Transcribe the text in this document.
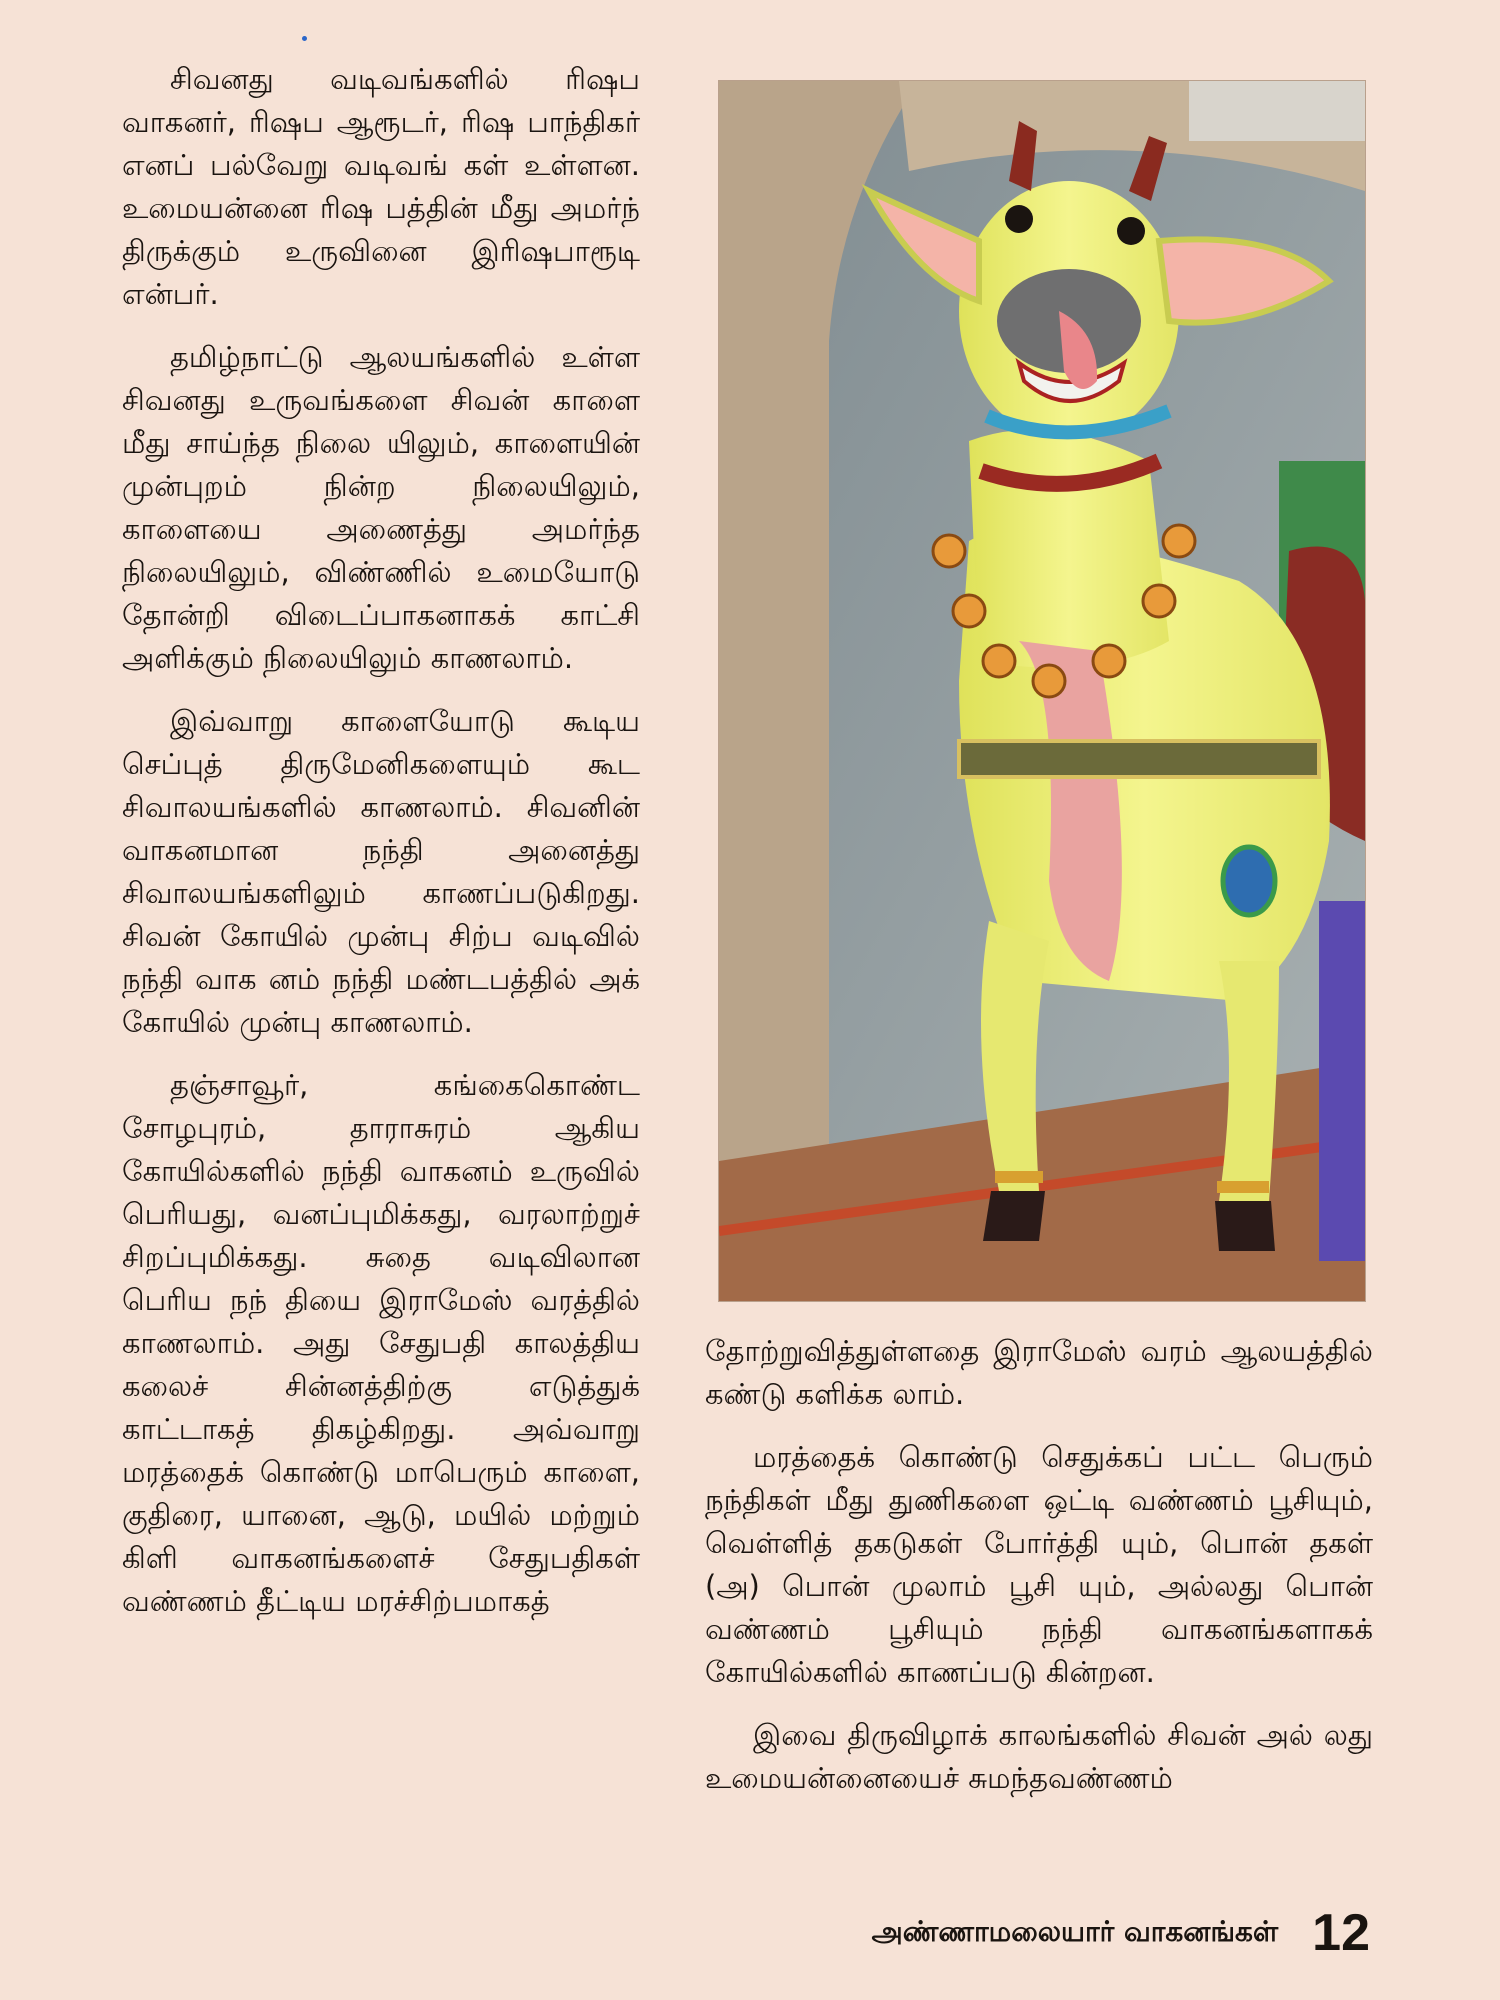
சிவனது வடிவங்களில் ரிஷப வாகனர், ரிஷப ஆரூடர், ரிஷ பாந்திகர் எனப் பல்வேறு வடிவங் கள் உள்ளன. உமையன்னை ரிஷ பத்தின் மீது அமர்ந் திருக்கும் உருவினை இரிஷபாரூடி என்பர்.

தமிழ்நாட்டு ஆலயங்களில் உள்ள சிவனது உருவங்களை சிவன் காளை மீது சாய்ந்த நிலை யிலும், காளையின் முன்புறம் நின்ற நிலையிலும், காளையை அணைத்து அமர்ந்த நிலையிலும், விண்ணில் உமையோடு தோன்றி விடைப்பாகனாகக் காட்சி அளிக்கும் நிலையிலும் காணலாம்.

இவ்வாறு காளையோடு கூடிய செப்புத் திருமேனிகளையும் கூட சிவாலயங்களில் காணலாம். சிவனின் வாகனமான நந்தி அனைத்து சிவாலயங்களிலும் காணப்படுகிறது. சிவன் கோயில் முன்பு சிற்ப வடிவில் நந்தி வாக னம் நந்தி மண்டபத்தில் அக் கோயில் முன்பு காணலாம்.

தஞ்சாவூர், கங்கைகொண்ட சோழபுரம், தாராசுரம் ஆகிய கோயில்களில் நந்தி வாகனம் உருவில் பெரியது, வனப்புமிக்கது, வரலாற்றுச் சிறப்புமிக்கது. சுதை வடிவிலான பெரிய நந் தியை இராமேஸ் வரத்தில் காணலாம். அது சேதுபதி காலத்திய கலைச் சின்னத்திற்கு எடுத்துக் காட்டாகத் திகழ்கிறது. அவ்வாறு மரத்தைக் கொண்டு மாபெரும் காளை, குதிரை, யானை, ஆடு, மயில் மற்றும் கிளி வாகனங்களைச் சேதுபதிகள் வண்ணம் தீட்டிய மரச்சிற்பமாகத்

தோற்றுவித்துள்ளதை இராமேஸ் வரம் ஆலயத்தில் கண்டு களிக்க லாம்.

மரத்தைக் கொண்டு செதுக்கப் பட்ட பெரும் நந்திகள் மீது துணிகளை ஒட்டி வண்ணம் பூசியும், வெள்ளித் தகடுகள் போர்த்தி யும், பொன் தகள் (அ) பொன் முலாம் பூசி யும், அல்லது பொன் வண்ணம் பூசியும் நந்தி வாகனங்களாகக் கோயில்களில் காணப்படு கின்றன.

இவை திருவிழாக் காலங்களில் சிவன் அல் லது உமையன்னையைச் சுமந்தவண்ணம்

அண்ணாமலையார் வாகனங்கள் 12
